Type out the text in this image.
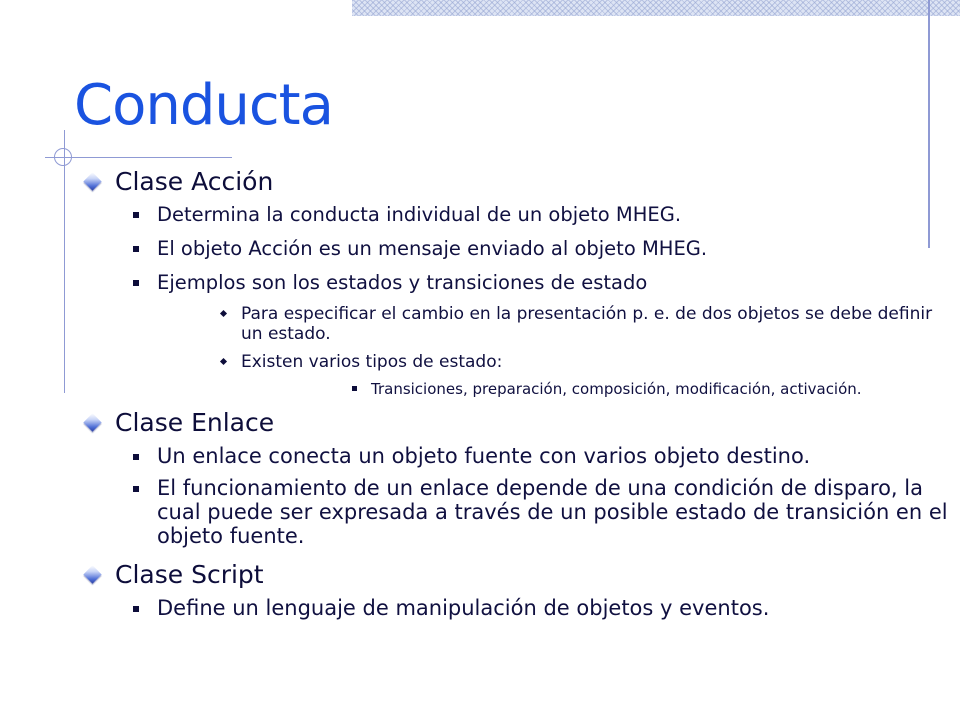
Conducta
Clase Acción
Determina la conducta individual de un objeto MHEG.
El objeto Acción es un mensaje enviado al objeto MHEG.
Ejemplos son los estados y transiciones de estado
Para especificar el cambio en la presentación p. e. de dos objetos se debe definir un estado.
Existen varios tipos de estado:
Transiciones, preparación, composición, modificación, activación.
Clase Enlace
Un enlace conecta un objeto fuente con varios objeto destino.
El funcionamiento de un enlace depende de una condición de disparo, la cual puede ser expresada a través de un posible estado de transición en el objeto fuente.
Clase Script
Define un lenguaje de manipulación de objetos y eventos.
